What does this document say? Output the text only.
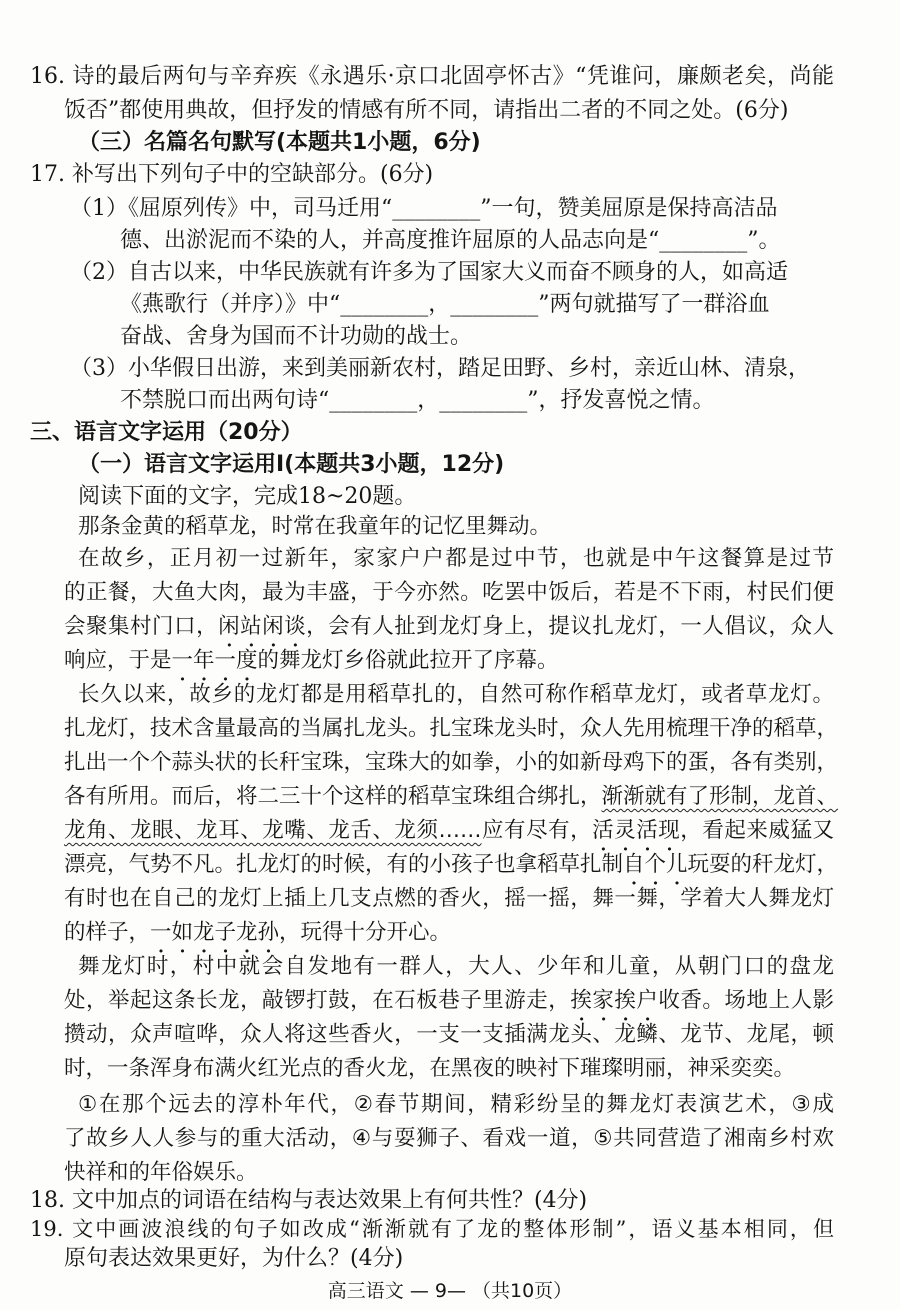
16. 诗的最后两句与辛弃疾《永遇乐·京口北固亭怀古》“凭谁问，廉颇老矣，尚能
饭否”都使用典故，但抒发的情感有所不同，请指出二者的不同之处。(6分)
（三）名篇名句默写(本题共1小题，6分)
17. 补写出下列句子中的空缺部分。(6分)
（1）《屈原列传》中，司马迁用“________”一句，赞美屈原是保持高洁品
德、出淤泥而不染的人，并高度推许屈原的人品志向是“________”。
（2）自古以来，中华民族就有许多为了国家大义而奋不顾身的人，如高适
《燕歌行（并序）》中“________，________”两句就描写了一群浴血
奋战、舍身为国而不计功勋的战士。
（3）小华假日出游，来到美丽新农村，踏足田野、乡村，亲近山林、清泉，
不禁脱口而出两句诗“________，________”，抒发喜悦之情。
三、语言文字运用（20分）
（一）语言文字运用Ⅰ(本题共3小题，12分)
阅读下面的文字，完成18~20题。
那条金黄的稻草龙，时常在我童年的记忆里舞动。
在故乡，正月初一过新年，家家户户都是过中节，也就是中午这餐算是过节
的正餐，大鱼大肉，最为丰盛，于今亦然。吃罢中饭后，若是不下雨，村民们便
会聚集村门口，闲站闲谈，会有人扯到龙灯身上，提议扎龙灯，一人倡议，众人
响应，于是一年一度的舞龙灯乡俗就此拉开了序幕。
长久以来，故乡的龙灯都是用稻草扎的，自然可称作稻草龙灯，或者草龙灯。
扎龙灯，技术含量最高的当属扎龙头。扎宝珠龙头时，众人先用梳理干净的稻草，
扎出一个个蒜头状的长秆宝珠，宝珠大的如拳，小的如新母鸡下的蛋，各有类别，
各有所用。而后，将二三十个这样的稻草宝珠组合绑扎，渐渐就有了形制，龙首、
龙角、龙眼、龙耳、龙嘴、龙舌、龙须……应有尽有，活灵活现，看起来威猛又
漂亮，气势不凡。扎龙灯的时候，有的小孩子也拿稻草扎制自个儿玩耍的秆龙灯，
有时也在自己的龙灯上插上几支点燃的香火，摇一摇，舞一舞，学着大人舞龙灯
的样子，一如龙子龙孙，玩得十分开心。
舞龙灯时，村中就会自发地有一群人，大人、少年和儿童，从朝门口的盘龙
处，举起这条长龙，敲锣打鼓，在石板巷子里游走，挨家挨户收香。场地上人影
攒动，众声喧哗，众人将这些香火，一支一支插满龙头、龙鳞、龙节、龙尾，顿
时，一条浑身布满火红光点的香火龙，在黑夜的映衬下璀璨明丽，神采奕奕。
①在那个远去的淳朴年代，②春节期间，精彩纷呈的舞龙灯表演艺术，③成
了故乡人人参与的重大活动，④与耍狮子、看戏一道，⑤共同营造了湘南乡村欢
快祥和的年俗娱乐。
18. 文中加点的词语在结构与表达效果上有何共性？(4分)
19. 文中画波浪线的句子如改成“渐渐就有了龙的整体形制”，语义基本相同，但
高三语文 — 9— （共10页）
原句表达效果更好，为什么？(4分)
